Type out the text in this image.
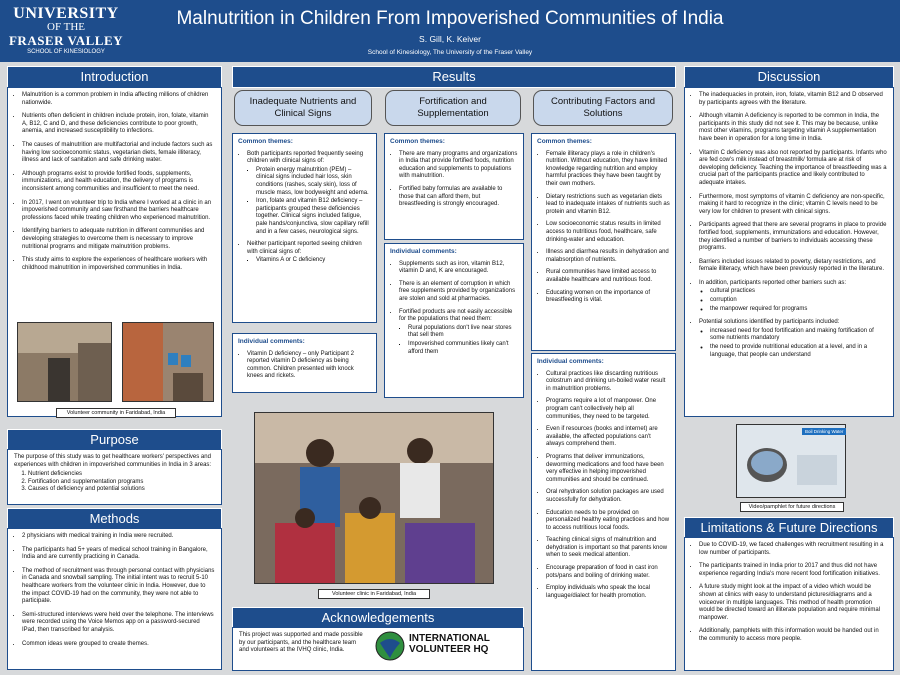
UNIVERSITY
OF THE
FRASER VALLEY
SCHOOL OF KINESIOLOGY
Malnutrition in Children From Impoverished Communities of India
S. Gill, K. Keiver
School of Kinesiology, The University of the Fraser Valley
Introduction
• Malnutrition is a common problem in India affecting millions of children nationwide.
• Nutrients often deficient in children include protein, iron, folate, vitamin A, B12, C and D, and these deficiencies contribute to poor growth, anemia, and increased susceptibility to infections.
• The causes of malnutrition are multifactorial and include factors such as having low socioeconomic status, vegetarian diets, female illiteracy, illness and lack of sanitation and safe drinking water.
• Although programs exist to provide fortified foods, supplements, immunizations, and health education, the delivery of programs is inconsistent among communities and insufficient to meet the need.
• In 2017, I went on volunteer trip to India where I worked at a clinic in an impoverished community and saw firsthand the barriers healthcare professions faced while treating children who experienced malnutrition.
• Identifying barriers to adequate nutrition in different communities and developing strategies to overcome them is necessary to improve nutritional programs and mitigate malnutrition problems.
• This study aims to explore the experiences of healthcare workers with childhood malnutrition in impoverished communities in India.
Volunteer community in Faridabad, India
Purpose
The purpose of this study was to get healthcare workers' perspectives and experiences with children in impoverished communities in India in 3 areas:
1. Nutrient deficiencies
2. Fortification and supplementation programs
3. Causes of deficiency and potential solutions
Methods
• 2 physicians with medical training in India were recruited.
• The participants had 5+ years of medical school training in Bangalore, India and are currently practicing in Canada.
• The method of recruitment was through personal contact with physicians in Canada and snowball sampling. The initial intent was to recruit 5-10 healthcare workers from the volunteer clinic in India. However, due to the impact COVID-19 had on the community, they were not able to participate.
• Semi-structured interviews were held over the telephone. The interviews were recorded using the Voice Memos app on a password-secured IPad, then transcribed for analysis.
• Common ideas were grouped to create themes.
Results
Inadequate Nutrients and Clinical Signs
Fortification and Supplementation
Contributing Factors and Solutions
Common themes:
• Both participants reported frequently seeing children with clinical signs of:
▪ Protein energy malnutrition (PEM) – clinical signs included hair loss, skin conditions (rashes, scaly skin), loss of muscle mass, low bodyweight and edema.
▪ Iron, folate and vitamin B12 deficiency – participants grouped these deficiencies together. Clinical signs included fatigue, pale hands/conjunctiva, slow capillary refill and in a few cases, neurological signs.
• Neither participant reported seeing children with clinical signs of:
▪ Vitamins A or C deficiency
Individual comments:
• Vitamin D deficiency – only Participant 2 reported vitamin D deficiency as being common. Children presented with knock knees and rickets.
Common themes:
• There are many programs and organizations in India that provide fortified foods, nutrition education and supplements to populations with malnutrition.
• Fortified baby formulas are available to those that can afford them, but breastfeeding is strongly encouraged.
Individual comments:
• Supplements such as iron, vitamin B12, vitamin D and, K are encouraged.
• There is an element of corruption in which free supplements provided by organizations are stolen and sold at pharmacies.
• Fortified products are not easily accessible for the populations that need them:
▪ Rural populations don't live near stores that sell them
▪ Impoverished communities likely can't afford them
Common themes:
• Female illiteracy plays a role in children's nutrition. Without education, they have limited knowledge regarding nutrition and employ harmful practices they have been taught by their own mothers.
• Dietary restrictions such as vegetarian diets lead to inadequate intakes of nutrients such as protein and vitamin B12.
• Low socioeconomic status results in limited access to nutritious food, healthcare, safe drinking-water and education.
• Illness and diarrhea results in dehydration and malabsorption of nutrients.
• Rural communities have limited access to available healthcare and nutritious food.
• Educating women on the importance of breastfeeding is vital.
Individual comments:
• Cultural practices like discarding nutritious colostrum and drinking un-boiled water result in malnutrition problems.
• Programs require a lot of manpower. One program can't collectively help all communities, they need to be targeted.
• Even if resources (books and internet) are available, the affected populations can't always comprehend them.
• Programs that deliver immunizations, deworming medications and food have been very effective in helping impoverished communities and should be continued.
• Oral rehydration solution packages are used successfully for dehydration.
• Education needs to be provided on personalized healthy eating practices and how to access nutritious local foods.
• Teaching clinical signs of malnutrition and dehydration is important so that parents know when to seek medical attention.
• Encourage preparation of food in cast iron pots/pans and boiling of drinking water.
• Employ individuals who speak the local language/dialect for health promotion.
Volunteer clinic in Faridabad, India
Acknowledgements
This project was supported and made possible by our participants, and the healthcare team and volunteers at the IVHQ clinic, India.
INTERNATIONAL
VOLUNTEER HQ
Discussion
• The inadequacies in protein, iron, folate, vitamin B12 and D observed by participants agrees with the literature.
• Although vitamin A deficiency is reported to be common in India, the participants in this study did not see it. This may be because, unlike most other vitamins, programs targeting vitamin A supplementation have been in operation for a long time in India.
• Vitamin C deficiency was also not reported by participants. Infants who are fed cow's milk instead of breastmilk/ formula are at risk of developing deficiency. Teaching the importance of breastfeeding was a crucial part of the participants practice and likely contributed to adequate intakes.
• Furthermore, most symptoms of vitamin C deficiency are non-specific, making it hard to recognize in the clinic; vitamin C levels need to be very low for children to present with clinical signs.
• Participants agreed that there are several programs in place to provide fortified food, supplements, immunizations and education. However, they identified a number of barriers to individuals accessing these programs.
• Barriers included issues related to poverty, dietary restrictions, and female illiteracy, which have been previously reported in the literature.
• In addition, participants reported other barriers such as:
◦ cultural practices
◦ corruption
◦ the manpower required for programs
• Potential solutions identified by participants included:
◦ increased need for food fortification and making fortification of some nutrients mandatory
◦ the need to provide nutritional education at a level, and in a language, that people can understand
Boil Drinking Water
Video/pamphlet for future directions
Limitations & Future Directions
• Due to COVID-19, we faced challenges with recruitment resulting in a low number of participants.
• The participants trained in India prior to 2017 and thus did not have experience regarding India's more recent food fortification initiatives.
• A future study might look at the impact of a video which would be shown at clinics with easy to understand pictures/diagrams and a voiceover in multiple languages. This method of health promotion would be directed toward an illiterate population and require minimal manpower.
• Additionally, pamphlets with this information would be handed out in the community to access more people.
